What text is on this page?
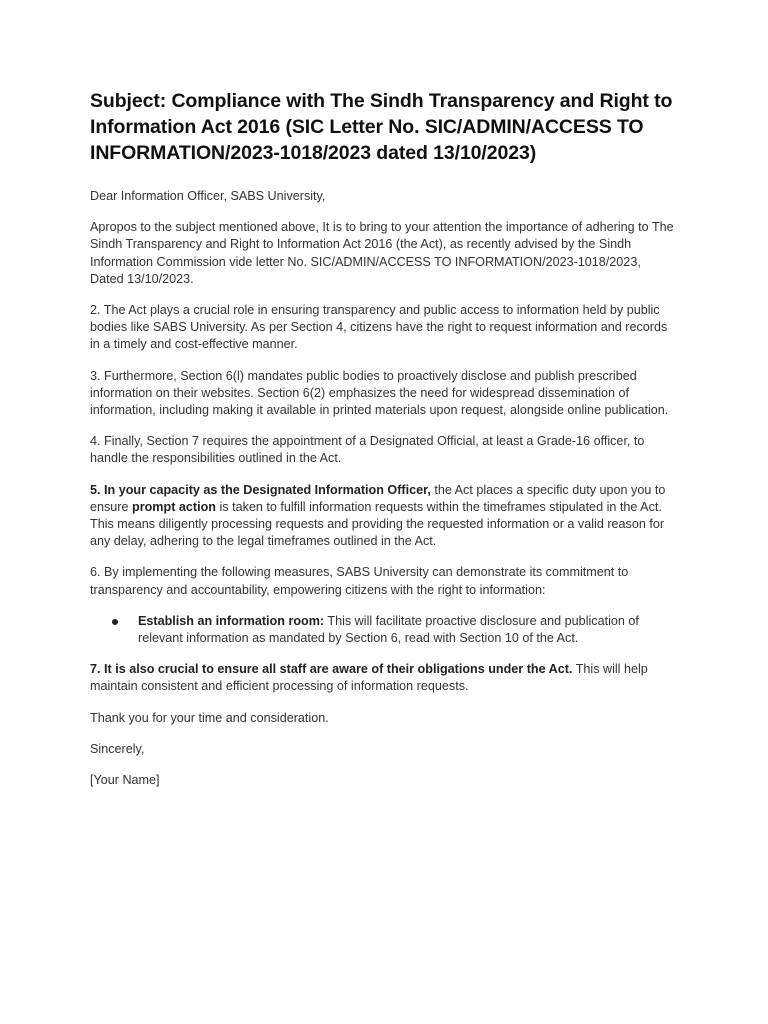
Subject: Compliance with The Sindh Transparency and Right to Information Act 2016 (SIC Letter No. SIC/ADMIN/ACCESS TO INFORMATION/2023-1018/2023 dated 13/10/2023)

Dear Information Officer, SABS University,

Apropos to the subject mentioned above, It is to bring to your attention the importance of adhering to The Sindh Transparency and Right to Information Act 2016 (the Act), as recently advised by the Sindh Information Commission vide letter No. SIC/ADMIN/ACCESS TO INFORMATION/2023-1018/2023, Dated 13/10/2023.

2. The Act plays a crucial role in ensuring transparency and public access to information held by public bodies like SABS University. As per Section 4, citizens have the right to request information and records in a timely and cost-effective manner.

3. Furthermore, Section 6(l) mandates public bodies to proactively disclose and publish prescribed information on their websites. Section 6(2) emphasizes the need for widespread dissemination of information, including making it available in printed materials upon request, alongside online publication.

4. Finally, Section 7 requires the appointment of a Designated Official, at least a Grade-16 officer, to handle the responsibilities outlined in the Act.

5. In your capacity as the Designated Information Officer, the Act places a specific duty upon you to ensure prompt action is taken to fulfill information requests within the timeframes stipulated in the Act. This means diligently processing requests and providing the requested information or a valid reason for any delay, adhering to the legal timeframes outlined in the Act.

6. By implementing the following measures, SABS University can demonstrate its commitment to transparency and accountability, empowering citizens with the right to information:

Establish an information room: This will facilitate proactive disclosure and publication of relevant information as mandated by Section 6, read with Section 10 of the Act.

7. It is also crucial to ensure all staff are aware of their obligations under the Act. This will help maintain consistent and efficient processing of information requests.

Thank you for your time and consideration.

Sincerely,

[Your Name]
